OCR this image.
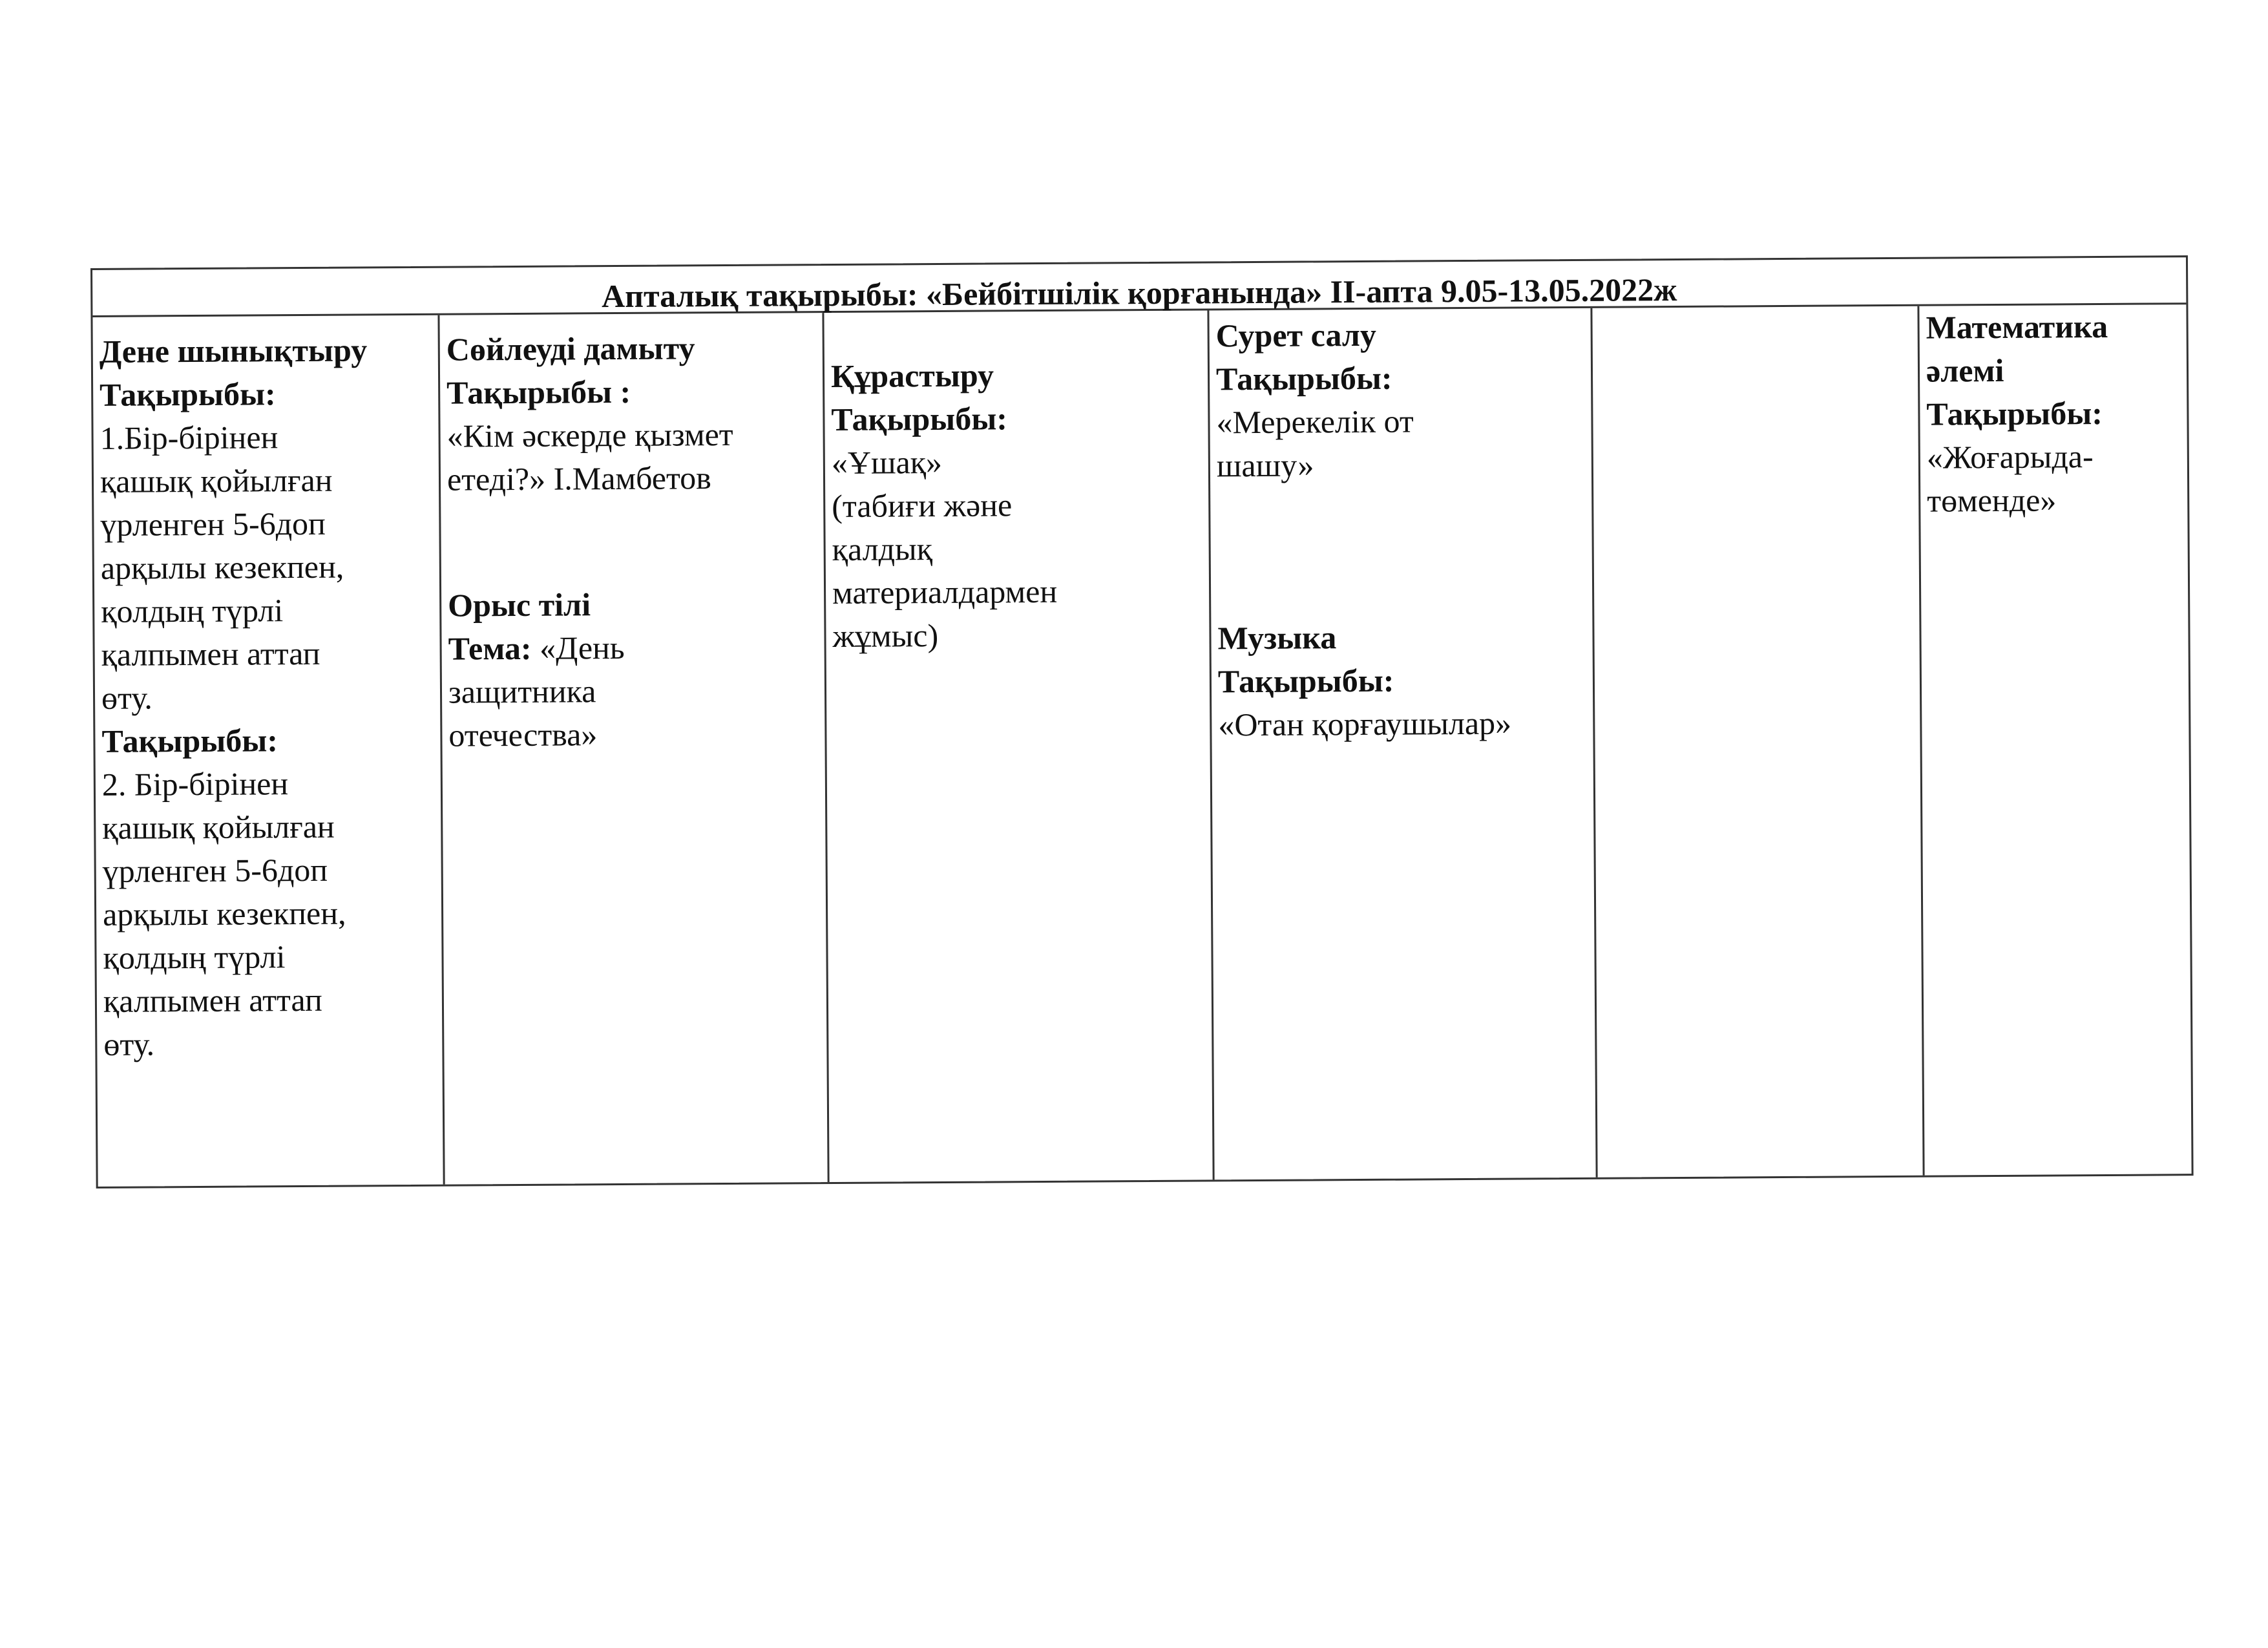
Апталық тақырыбы: «Бейбітшілік қорғанында» ІІ-апта 9.05-13.05.2022ж
Дене шынықтыру
Тақырыбы:
1.Бір-бірінен
қашық қойылған
үрленген 5-6доп
арқылы кезекпен,
қолдың түрлі
қалпымен аттап
өту.
Тақырыбы:
2. Бір-бірінен
қашық қойылған
үрленген 5-6доп
арқылы кезекпен,
қолдың түрлі
қалпымен аттап
өту.
Сөйлеуді дамыту
Тақырыбы :
«Кім әскерде қызмет
етеді?» І.Мамбетов
Орыс тілі
Тема: «День
защитника
отечества»
Құрастыру
Тақырыбы:
«Ұшақ»
(табиғи және
қалдық
материалдармен
жұмыс)
Сурет салу
Тақырыбы:
«Мерекелік от
шашу»
Музыка
Тақырыбы:
«Отан қорғаушылар»
Математика
әлемі
Тақырыбы:
«Жоғарыда-
төменде»
